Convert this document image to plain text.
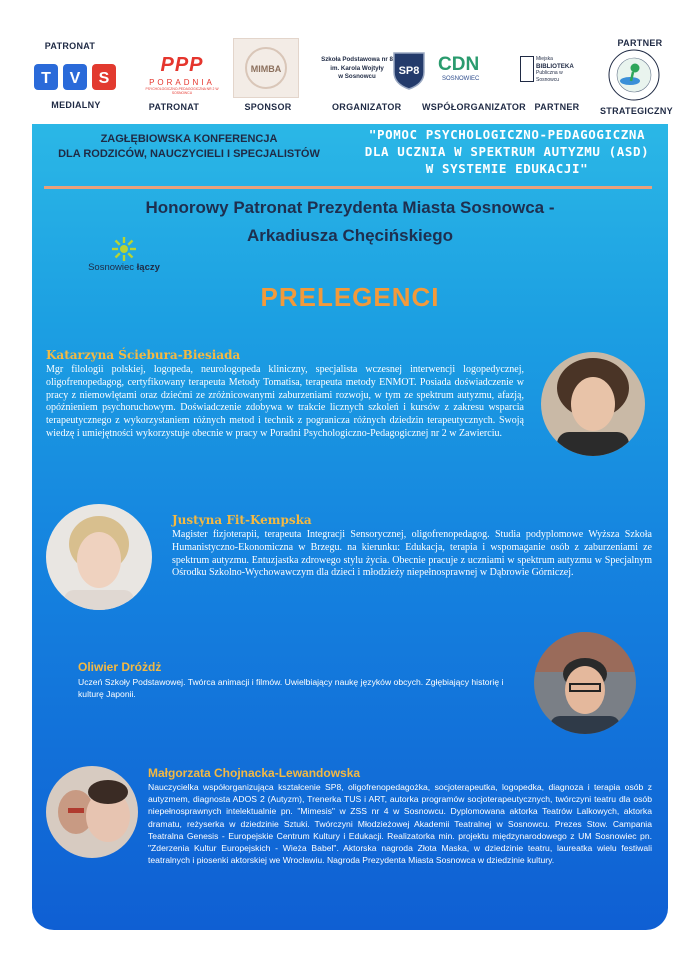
PATRONAT
T V S
MEDIALNY
PPP
PORADNIA
PSYCHOLOGICZNO-PEDAGOGICZNA NR 2 W SOSNOWCU
PATRONAT
MIMBA
SPONSOR
Szkoła Podstawowa nr 8
im. Karola Wojtyły
w Sosnowcu
ORGANIZATOR
SP8 CDN
SOSNOWIEC
WSPÓŁORGANIZATOR
Miejska
BIBLIOTEKA
Publiczna w Sosnowcu
PARTNER
PARTNER
STRATEGICZNY
ZAGŁĘBIOWSKA KONFERENCJA
DLA RODZICÓW, NAUCZYCIELI I SPECJALISTÓW
"POMOC PSYCHOLOGICZNO-PEDAGOGICZNA
DLA UCZNIA W SPEKTRUM AUTYZMU (ASD)
W SYSTEMIE EDUKACJI"
Honorowy Patronat Prezydenta Miasta Sosnowca -
Arkadiusza Chęcińskiego
Sosnowiec łączy
PRELEGENCI
Katarzyna Ściebura-Biesiada
Mgr filologii polskiej, logopeda, neurologopeda kliniczny, specjalista wczesnej interwencji logopedycznej, oligofrenopedagog, certyfikowany terapeuta Metody Tomatisa, terapeuta metody ENMOT. Posiada doświadczenie w pracy z niemowlętami oraz dziećmi ze zróżnicowanymi zaburzeniami rozwoju, w tym ze spektrum autyzmu, afazją, opóźnieniem psychoruchowym. Doświadczenie zdobywa w trakcie licznych szkoleń i kursów z zakresu wsparcia terapeutycznego z wykorzystaniem różnych metod i technik z pogranicza różnych dziedzin terapeutycznych. Swoją wiedzę i umiejętności wykorzystuje obecnie w pracy w Poradni Psychologiczno-Pedagogicznej nr 2 w Zawierciu.
Justyna Fit-Kempska
Magister fizjoterapii, terapeuta Integracji Sensorycznej, oligofrenopedagog. Studia podyplomowe Wyższa Szkoła Humanistyczno-Ekonomiczna w Brzegu. na kierunku: Edukacja, terapia i wspomaganie osób z zaburzeniami ze spektrum autyzmu. Entuzjastka zdrowego stylu życia. Obecnie pracuje z uczniami w spektrum autyzmu w Specjalnym Ośrodku Szkolno-Wychowawczym dla dzieci i młodzieży niepełnosprawnej w Dąbrowie Górniczej.
Oliwier Dróżdż
Uczeń Szkoły Podstawowej. Twórca animacji i filmów. Uwielbiający naukę języków obcych. Zgłębiający historię i kulturę Japonii.
Małgorzata Chojnacka-Lewandowska
Nauczycielka współorganizująca kształcenie SP8, oligofrenopedagożka, socjoterapeutka, logopedka, diagnoza i terapia osób z autyzmem, diagnosta ADOS 2 (Autyzm), Trenerka TUS i ART, autorka programów socjoterapeutycznych, twórczyni teatru dla osób niepełnosprawnych intelektualnie pn. "Mimesis" w ZSS nr 4 w Sosnowcu. Dyplomowana aktorka Teatrów Lalkowych, aktorka dramatu, reżyserka w dziedzinie Sztuki. Twórczyni Młodzieżowej Akademii Teatralnej w Sosnowcu. Prezes Stow. Campania Teatralna Genesis - Europejskie Centrum Kultury i Edukacji. Realizatorka min. projektu międzynarodowego z UM Sosnowiec pn. "Zderzenia Kultur Europejskich - Wieża Babel". Aktorska nagroda Złota Maska, w dziedzinie teatru, laureatka wielu festiwali teatralnych i piosenki aktorskiej we Wrocławiu. Nagroda Prezydenta Miasta Sosnowca w dziedzinie kultury.
